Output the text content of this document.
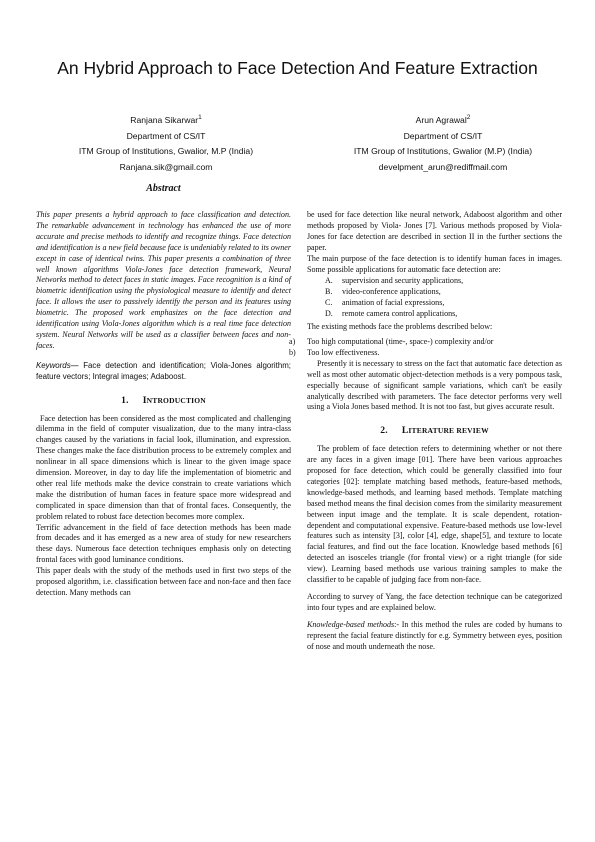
An Hybrid Approach to Face Detection And Feature Extraction
Ranjana Sikarwar$^1$
Department of CS/IT
ITM Group of Institutions, Gwalior, M.P (India)
Ranjana.sik@gmail.com
Arun Agrawal$^2$
Department of CS/IT
ITM Group of Institutions, Gwalior (M.P) (India)
develpment_arun@rediffmail.com
Abstract

This paper presents a hybrid approach to face classification and detection. The remarkable advancement in technology has enhanced the use of more accurate and precise methods to identify and recognize things. Face detection and identification is a new field because face is undeniably related to its owner except in case of identical twins. This paper presents a combination of three well known algorithms Viola-Jones face detection framework, Neural Networks method to detect faces in static images. Face recognition is a kind of biometric identification using the physiological measure to identify and detect face. It allows the user to passively identify the person and its features using biometric. The proposed work emphasizes on the face detection and identification using Viola-Jones algorithm which is a real time face detection system. Neural Networks will be used as a classifier between faces and non-faces.

Keywords— Face detection and identification; Viola-Jones algorithm; feature vectors; Integral images; Adaboost.

1. INTRODUCTION

Face detection has been considered as the most complicated and challenging dilemma in the field of computer visualization, due to the many intra-class changes caused by the variations in facial look, illumination, and expression. These changes make the face distribution process to be extremely complex and nonlinear in all space dimensions which is linear to the given image space dimension. Moreover, in day to day life the implementation of biometric and other real life methods make the device constrain to create variations which make the distribution of human faces in feature space more widespread and complicated in space dimension than that of frontal faces. Consequently, the problem related to robust face detection becomes more complex.

Terrific advancement in the field of face detection methods has been made from decades and it has emerged as a new area of study for new researchers these days. Numerous face detection techniques emphasis only on detecting frontal faces with good luminance conditions.

This paper deals with the study of the methods used in first two steps of the proposed algorithm, i.e. classification between face and non-face and then face detection. Many methods can

be used for face detection like neural network, Adaboost algorithm and other methods proposed by Viola- Jones [7]. Various methods proposed by Viola- Jones for face detection are described in section II in the further sections the paper.

The main purpose of the face detection is to identify human faces in images. Some possible applications for automatic face detection are:

A.	supervision and security applications,
B.	video-conference applications,
C.	animation of facial expressions,
D.	remote camera control applications,

The existing methods face the problems described below:

a) Too high computational (time-, space-) complexity and/or

b) Too low effectiveness.

Presently it is necessary to stress on the fact that automatic face detection as well as most other automatic object-detection methods is a very pompous task, especially because of significant sample variations, which can't be easily analytically described with parameters. The face detector performs very well using a Viola Jones based method. It is not too fast, but gives accurate result.

2. LITERATURE REVIEW

The problem of face detection refers to determining whether or not there are any faces in a given image [01]. There have been various approaches proposed for face detection, which could be generally classified into four categories [02]: template matching based methods, feature-based methods, knowledge-based methods, and learning based methods. Template matching based method means the final decision comes from the similarity measurement between input image and the template. It is scale dependent, rotation-dependent and computational expensive. Feature-based methods use low-level features such as intensity [3], color [4], edge, shape[5], and texture to locate facial features, and find out the face location. Knowledge based methods [6] detected an isosceles triangle (for frontal view) or a right triangle (for side view). Learning based methods use various training samples to make the classifier to be capable of judging face from non-face.

According to survey of Yang, the face detection technique can be categorized into four types and are explained below.

Knowledge-based methods:- In this method the rules are coded by humans to represent the facial feature distinctly for e.g. Symmetry between eyes, position of nose and mouth underneath the nose.
